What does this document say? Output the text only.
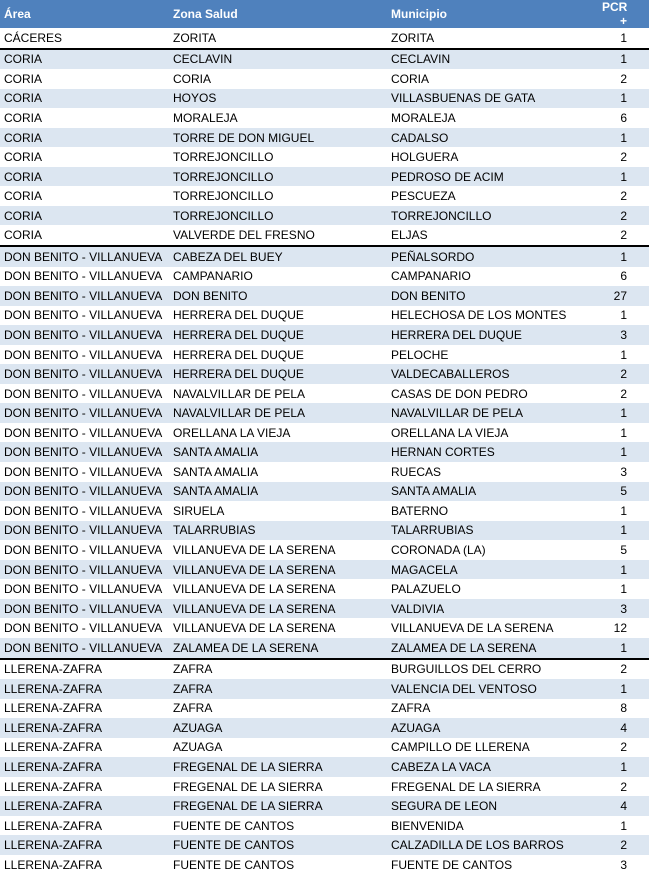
Área	Zona Salud	Municipio	PCR +
CÁCERES	ZORITA	ZORITA	1
CORIA	CECLAVIN	CECLAVIN	1
CORIA	CORIA	CORIA	2
CORIA	HOYOS	VILLASBUENAS DE GATA	1
CORIA	MORALEJA	MORALEJA	6
CORIA	TORRE DE DON MIGUEL	CADALSO	1
CORIA	TORREJONCILLO	HOLGUERA	2
CORIA	TORREJONCILLO	PEDROSO DE ACIM	1
CORIA	TORREJONCILLO	PESCUEZA	2
CORIA	TORREJONCILLO	TORREJONCILLO	2
CORIA	VALVERDE DEL FRESNO	ELJAS	2
DON BENITO - VILLANUEVA	CABEZA DEL BUEY	PEÑALSORDO	1
DON BENITO - VILLANUEVA	CAMPANARIO	CAMPANARIO	6
DON BENITO - VILLANUEVA	DON BENITO	DON BENITO	27
DON BENITO - VILLANUEVA	HERRERA DEL DUQUE	HELECHOSA DE LOS MONTES	1
DON BENITO - VILLANUEVA	HERRERA DEL DUQUE	HERRERA DEL DUQUE	3
DON BENITO - VILLANUEVA	HERRERA DEL DUQUE	PELOCHE	1
DON BENITO - VILLANUEVA	HERRERA DEL DUQUE	VALDECABALLEROS	2
DON BENITO - VILLANUEVA	NAVALVILLAR DE PELA	CASAS DE DON PEDRO	2
DON BENITO - VILLANUEVA	NAVALVILLAR DE PELA	NAVALVILLAR DE PELA	1
DON BENITO - VILLANUEVA	ORELLANA LA VIEJA	ORELLANA LA VIEJA	1
DON BENITO - VILLANUEVA	SANTA AMALIA	HERNAN CORTES	1
DON BENITO - VILLANUEVA	SANTA AMALIA	RUECAS	3
DON BENITO - VILLANUEVA	SANTA AMALIA	SANTA AMALIA	5
DON BENITO - VILLANUEVA	SIRUELA	BATERNO	1
DON BENITO - VILLANUEVA	TALARRUBIAS	TALARRUBIAS	1
DON BENITO - VILLANUEVA	VILLANUEVA DE LA SERENA	CORONADA (LA)	5
DON BENITO - VILLANUEVA	VILLANUEVA DE LA SERENA	MAGACELA	1
DON BENITO - VILLANUEVA	VILLANUEVA DE LA SERENA	PALAZUELO	1
DON BENITO - VILLANUEVA	VILLANUEVA DE LA SERENA	VALDIVIA	3
DON BENITO - VILLANUEVA	VILLANUEVA DE LA SERENA	VILLANUEVA DE LA SERENA	12
DON BENITO - VILLANUEVA	ZALAMEA DE LA SERENA	ZALAMEA DE LA SERENA	1
LLERENA-ZAFRA	ZAFRA	BURGUILLOS DEL CERRO	2
LLERENA-ZAFRA	ZAFRA	VALENCIA DEL VENTOSO	1
LLERENA-ZAFRA	ZAFRA	ZAFRA	8
LLERENA-ZAFRA	AZUAGA	AZUAGA	4
LLERENA-ZAFRA	AZUAGA	CAMPILLO DE LLERENA	2
LLERENA-ZAFRA	FREGENAL DE LA SIERRA	CABEZA LA VACA	1
LLERENA-ZAFRA	FREGENAL DE LA SIERRA	FREGENAL DE LA SIERRA	2
LLERENA-ZAFRA	FREGENAL DE LA SIERRA	SEGURA DE LEON	4
LLERENA-ZAFRA	FUENTE DE CANTOS	BIENVENIDA	1
LLERENA-ZAFRA	FUENTE DE CANTOS	CALZADILLA DE LOS BARROS	2
LLERENA-ZAFRA	FUENTE DE CANTOS	FUENTE DE CANTOS	3
